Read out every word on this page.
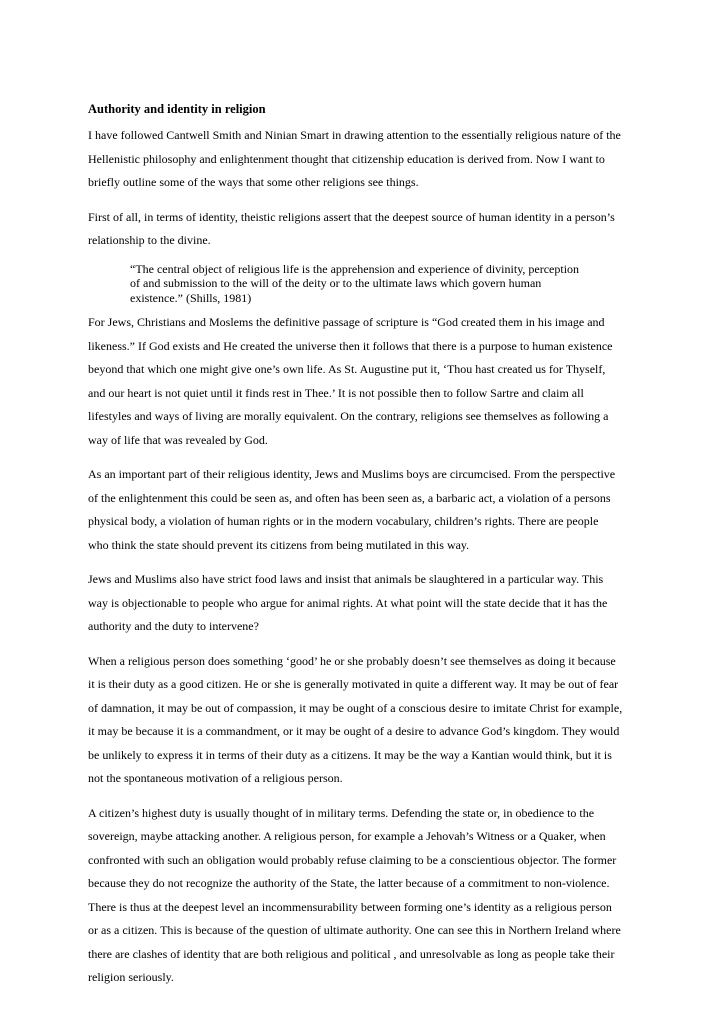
Authority and identity in religion
I have followed Cantwell Smith and Ninian Smart in drawing attention to the essentially religious nature of the
Hellenistic philosophy and enlightenment thought that citizenship education is derived from. Now I want to
briefly outline some of the ways that some other religions see things.
First of all, in terms of identity, theistic religions assert that the deepest source of human identity in a person’s
relationship to the divine.
“The central object of religious life is the apprehension and experience of divinity, perception
of and submission to the will of the deity or to the ultimate laws which govern human
existence.” (Shills, 1981)
For Jews, Christians and Moslems the definitive passage of scripture is “God created them in his image and
likeness.” If God exists and He created the universe then it follows that there is a purpose to human existence
beyond that which one might give one’s own life. As St. Augustine put it, ‘Thou hast created us for Thyself,
and our heart is not quiet until it finds rest in Thee.’ It is not possible then to follow Sartre and claim all
lifestyles and ways of living are morally equivalent. On the contrary, religions see themselves as following a
way of life that was revealed by God.
As an important part of their religious identity, Jews and Muslims boys are circumcised. From the perspective
of the enlightenment this could be seen as, and often has been seen as, a barbaric act, a violation of a persons
physical body, a violation of human rights or in the modern vocabulary, children’s rights. There are people
who think the state should prevent its citizens from being mutilated in this way.
Jews and Muslims also have strict food laws and insist that animals be slaughtered in a particular way. This
way is objectionable to people who argue for animal rights. At what point will the state decide that it has the
authority and the duty to intervene?
When a religious person does something ‘good’ he or she probably doesn’t see themselves as doing it because
it is their duty as a good citizen. He or she is generally motivated in quite a different way. It may be out of fear
of damnation, it may be out of compassion, it may be ought of a conscious desire to imitate Christ for example,
it may be because it is a commandment, or it may be ought of a desire to advance God’s kingdom. They would
be unlikely to express it in terms of their duty as a citizens. It may be the way a Kantian would think, but it is
not the spontaneous motivation of a religious person.
A citizen’s highest duty is usually thought of in military terms. Defending the state or, in obedience to the
sovereign, maybe attacking another. A religious person, for example a Jehovah’s Witness or a Quaker, when
confronted with such an obligation would probably refuse claiming to be a conscientious objector. The former
because they do not recognize the authority of the State, the latter because of a commitment to non-violence.
There is thus at the deepest level an incommensurability between forming one’s identity as a religious person
or as a citizen. This is because of the question of ultimate authority. One can see this in Northern Ireland where
there are clashes of identity that are both religious and political , and unresolvable as long as people take their
religion seriously.
